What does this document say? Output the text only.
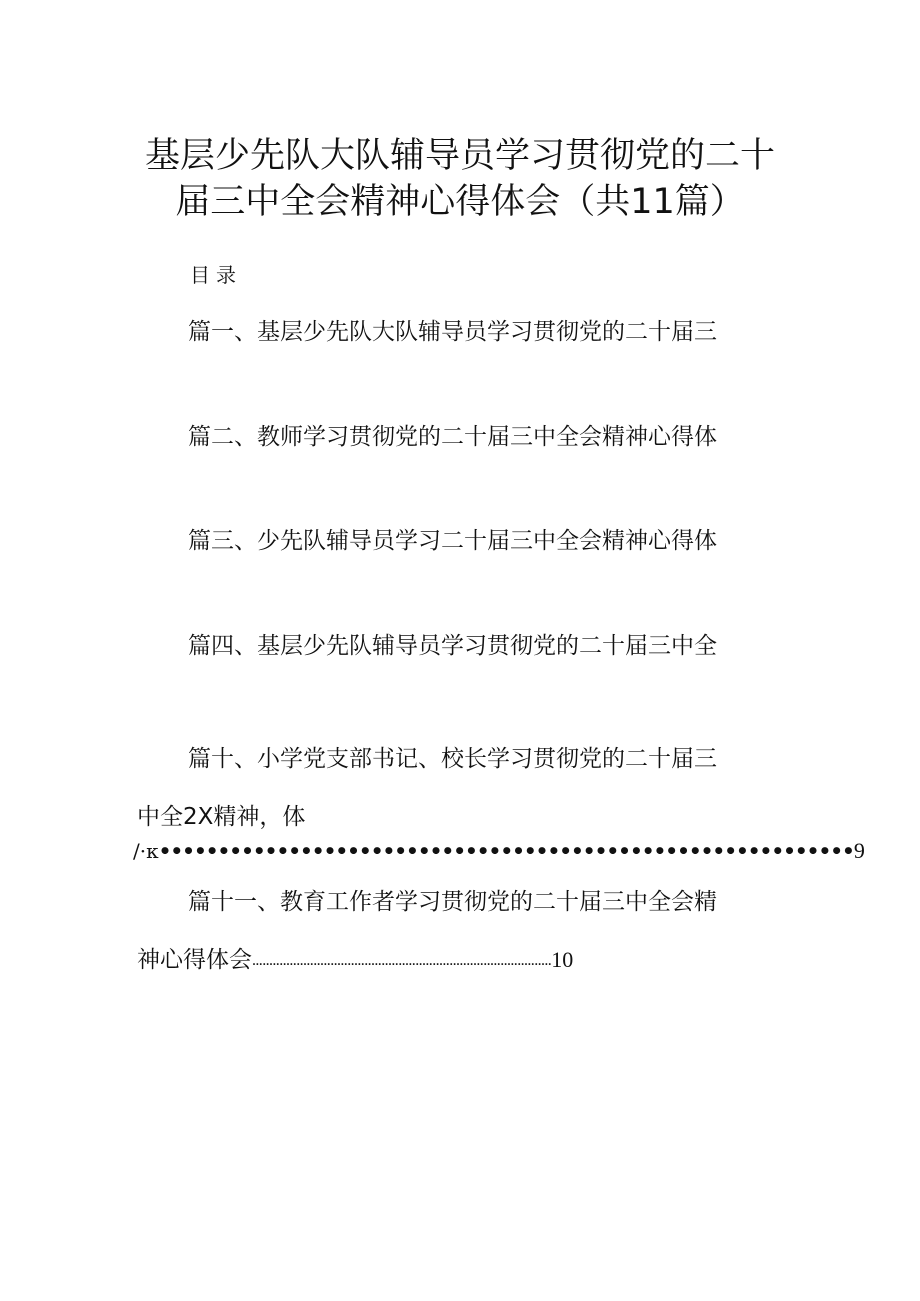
基层少先队大队辅导员学习贯彻党的二十
届三中全会精神心得体会（共11篇）
目录
篇一、基层少先队大队辅导员学习贯彻党的二十届三
篇二、教师学习贯彻党的二十届三中全会精神心得体
篇三、少先队辅导员学习二十届三中全会精神心得体
篇四、基层少先队辅导员学习贯彻党的二十届三中全
篇十、小学党支部书记、校长学习贯彻党的二十届三
中全2X精神，体
/·κ•••••••••••••••••••••••••••••••••••••••••••••••••••••••••••9
篇十一、教育工作者学习贯彻党的二十届三中全会精
神心得体会........................................................................................10
